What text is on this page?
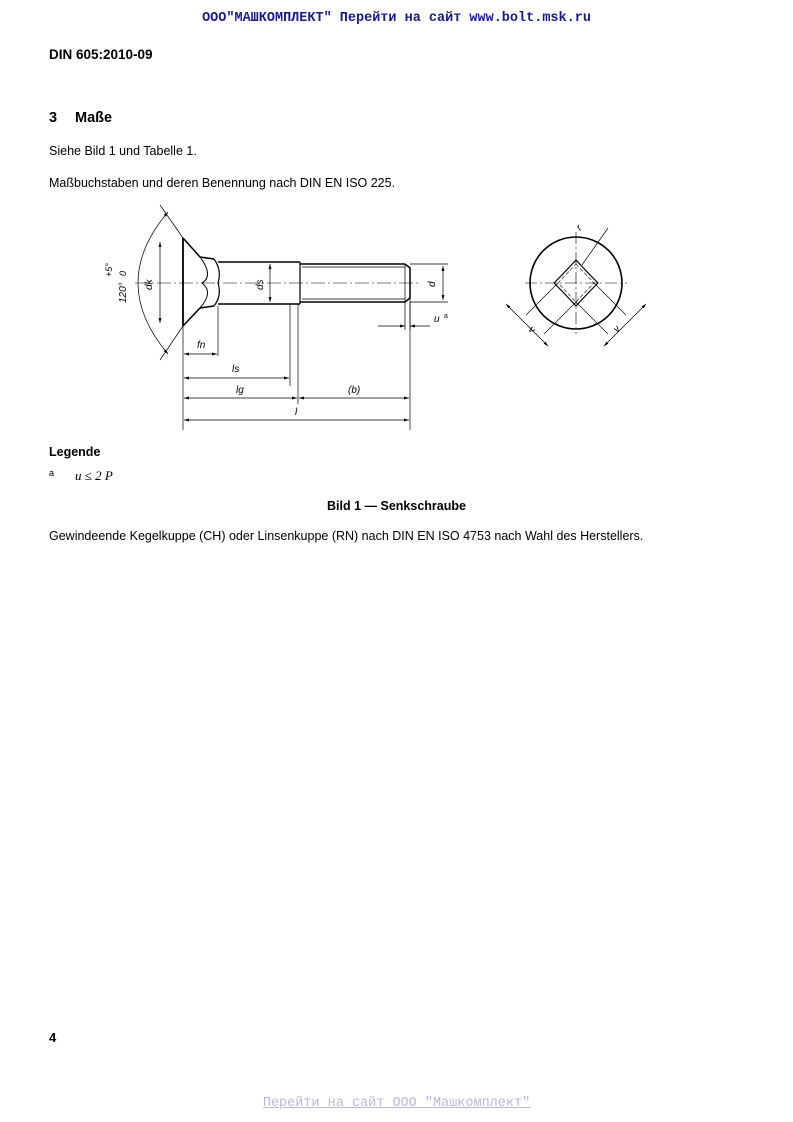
ООО"МАШКОМПЛЕКТ" Перейти на сайт www.bolt.msk.ru
DIN 605:2010-09
3 Maße
Siehe Bild 1 und Tabelle 1.
Maßbuchstaben und deren Benennung nach DIN EN ISO 225.
120°
+5° 0
dk	ds	d
u a
fn
ls
lg	(b)
l
r
v	v
Legende
a u ≤ 2 P
Bild 1 — Senkschraube
Gewindeende Kegelkuppe (CH) oder Linsenkuppe (RN) nach DIN EN ISO 4753 nach Wahl des Herstellers.
4
Перейти на сайт ООО "Машкомплект"
